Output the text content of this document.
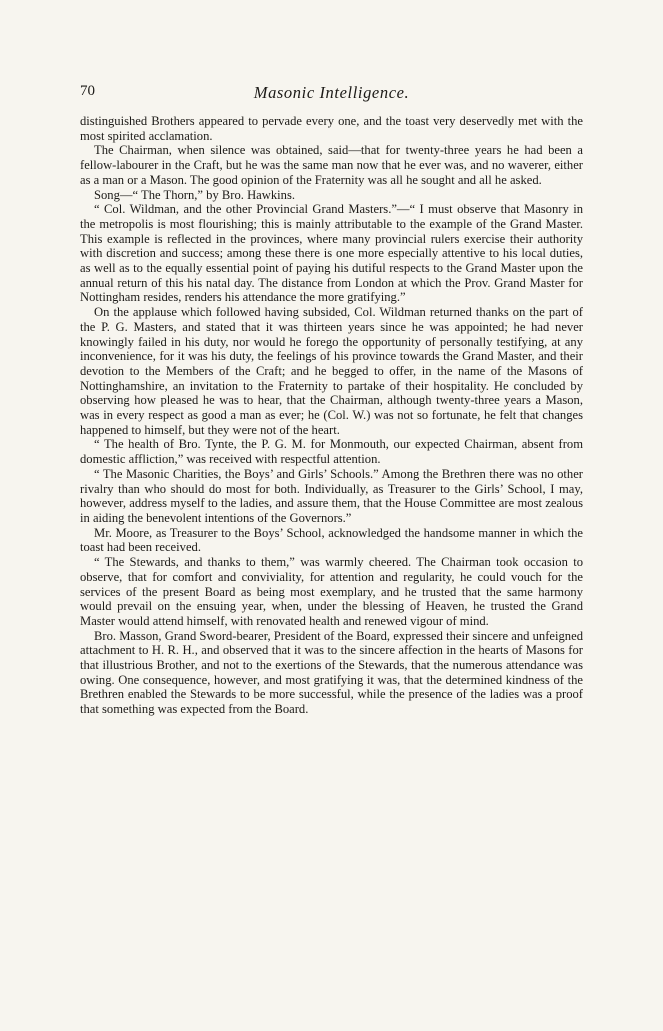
70	Masonic Intelligence.

distinguished Brothers appeared to pervade every one, and the toast very deservedly met with the most spirited acclamation.

The Chairman, when silence was obtained, said—that for twenty-three years he had been a fellow-labourer in the Craft, but he was the same man now that he ever was, and no waverer, either as a man or a Mason. The good opinion of the Fraternity was all he sought and all he asked.

Song—“ The Thorn,” by Bro. Hawkins.

“ Col. Wildman, and the other Provincial Grand Masters.”—“ I must observe that Masonry in the metropolis is most flourishing; this is mainly attributable to the example of the Grand Master. This example is reflected in the provinces, where many provincial rulers exercise their authority with discretion and success; among these there is one more especially attentive to his local duties, as well as to the equally essential point of paying his dutiful respects to the Grand Master upon the annual return of this his natal day. The distance from London at which the Prov. Grand Master for Nottingham resides, renders his attendance the more gratifying.”

On the applause which followed having subsided, Col. Wildman returned thanks on the part of the P. G. Masters, and stated that it was thirteen years since he was appointed; he had never knowingly failed in his duty, nor would he forego the opportunity of personally testifying, at any inconvenience, for it was his duty, the feelings of his province towards the Grand Master, and their devotion to the Members of the Craft; and he begged to offer, in the name of the Masons of Nottinghamshire, an invitation to the Fraternity to partake of their hospitality. He concluded by observing how pleased he was to hear, that the Chairman, although twenty-three years a Mason, was in every respect as good a man as ever; he (Col. W.) was not so fortunate, he felt that changes happened to himself, but they were not of the heart.

“ The health of Bro. Tynte, the P. G. M. for Monmouth, our expected Chairman, absent from domestic affliction,” was received with respectful attention.

“ The Masonic Charities, the Boys’ and Girls’ Schools.” Among the Brethren there was no other rivalry than who should do most for both. Individually, as Treasurer to the Girls’ School, I may, however, address myself to the ladies, and assure them, that the House Committee are most zealous in aiding the benevolent intentions of the Governors.”

Mr. Moore, as Treasurer to the Boys’ School, acknowledged the handsome manner in which the toast had been received.

“ The Stewards, and thanks to them,” was warmly cheered. The Chairman took occasion to observe, that for comfort and conviviality, for attention and regularity, he could vouch for the services of the present Board as being most exemplary, and he trusted that the same harmony would prevail on the ensuing year, when, under the blessing of Heaven, he trusted the Grand Master would attend himself, with renovated health and renewed vigour of mind.

Bro. Masson, Grand Sword-bearer, President of the Board, expressed their sincere and unfeigned attachment to H. R. H., and observed that it was to the sincere affection in the hearts of Masons for that illustrious Brother, and not to the exertions of the Stewards, that the numerous attendance was owing. One consequence, however, and most gratifying it was, that the determined kindness of the Brethren enabled the Stewards to be more successful, while the presence of the ladies was a proof that something was expected from the Board.
